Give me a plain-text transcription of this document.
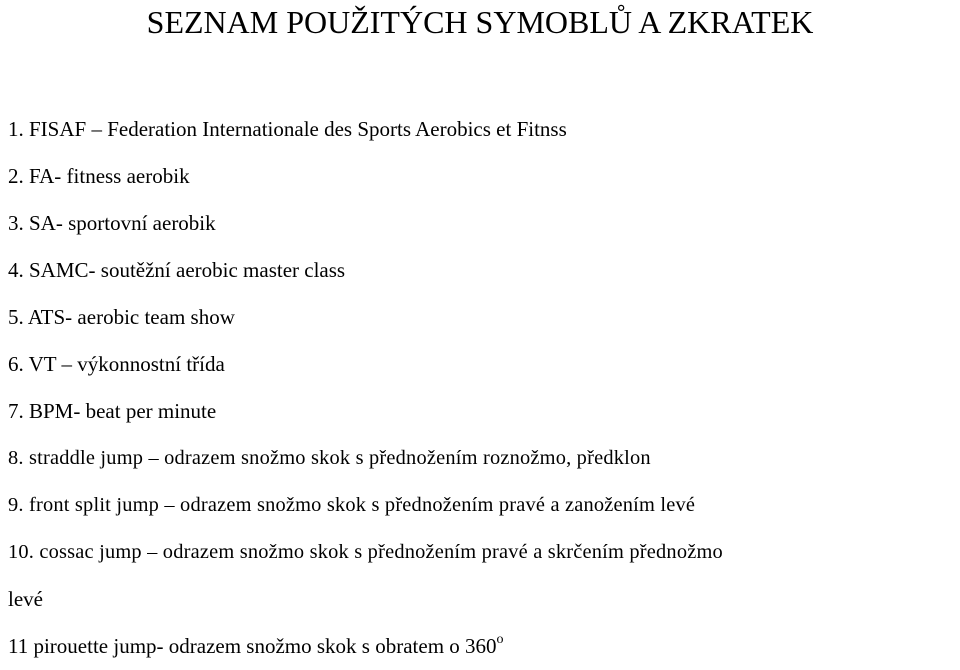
SEZNAM POUŽITÝCH SYMOBLŮ A ZKRATEK
1. FISAF – Federation Internationale des Sports Aerobics et Fitnss
2. FA- fitness aerobik
3. SA- sportovní aerobik
4. SAMC- soutěžní aerobic master class
5. ATS- aerobic team show
6. VT – výkonnostní třída
7. BPM- beat per minute
8. straddle jump – odrazem snožmo skok s přednožením roznožmo, předklon
9. front split jump – odrazem snožmo skok s přednožením pravé a zanožením levé
10. cossac jump – odrazem snožmo skok s přednožením pravé a skrčením přednožmo
levé
11 pirouette jump- odrazem snožmo skok s obratem o 360$^o$
